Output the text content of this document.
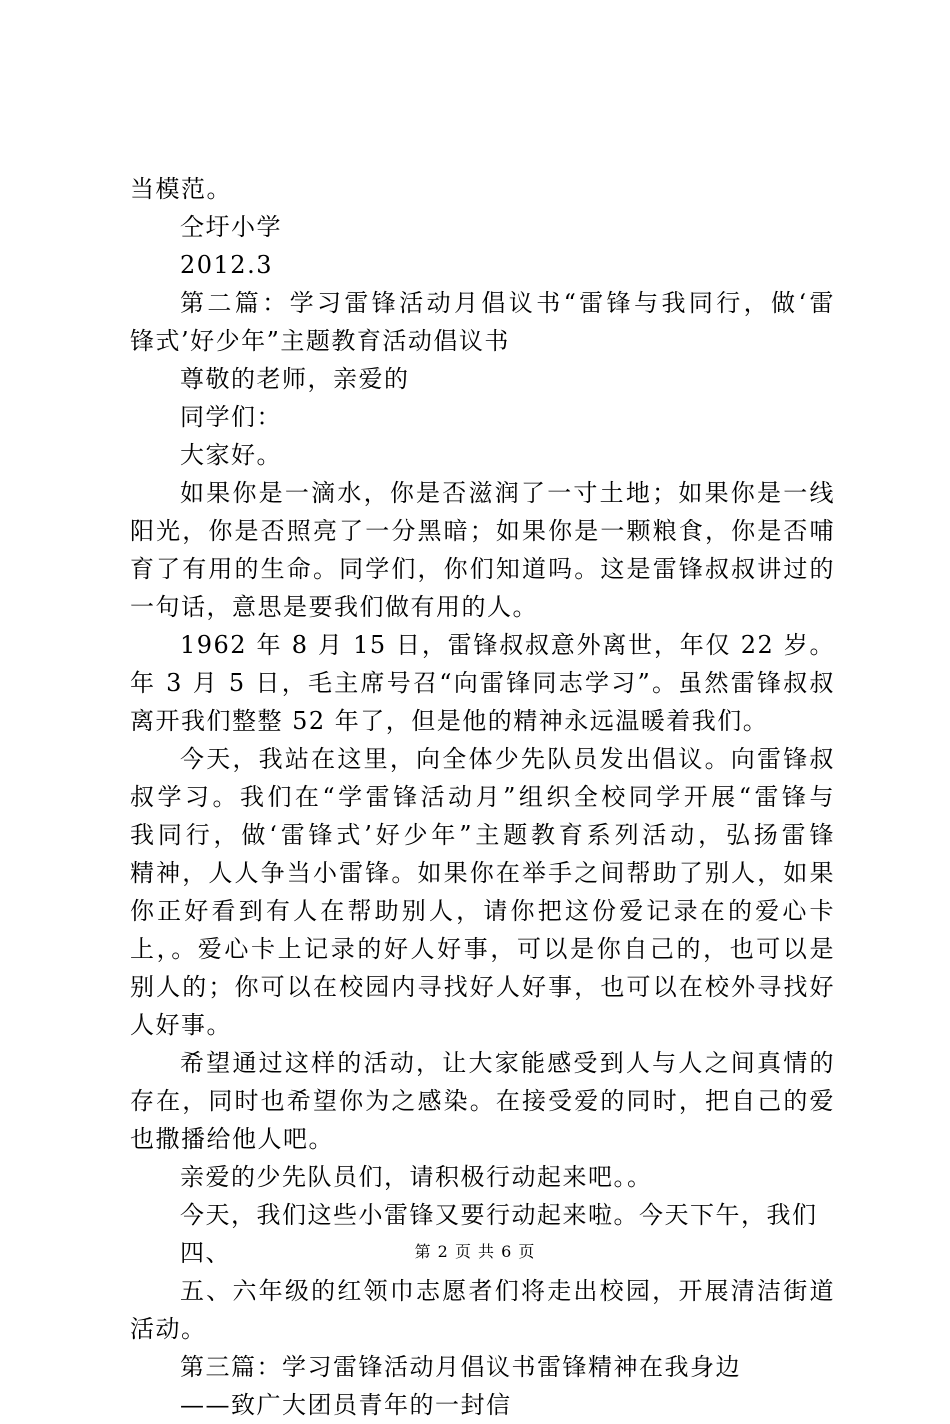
当模范。
仝圩小学
2012.3
第二篇：学习雷锋活动月倡议书“雷锋与我同行，做‘雷
锋式’好少年”主题教育活动倡议书
尊敬的老师，亲爱的
同学们：
大家好。
如果你是一滴水，你是否滋润了一寸土地；如果你是一线
阳光，你是否照亮了一分黑暗；如果你是一颗粮食，你是否哺
育了有用的生命。同学们，你们知道吗。这是雷锋叔叔讲过的
一句话，意思是要我们做有用的人。
1962 年 8 月 15 日，雷锋叔叔意外离世，年仅 22 岁。
年 3 月 5 日，毛主席号召“向雷锋同志学习”。虽然雷锋叔叔
离开我们整整 52 年了，但是他的精神永远温暖着我们。
今天，我站在这里，向全体少先队员发出倡议。向雷锋叔
叔学习。我们在“学雷锋活动月”组织全校同学开展“雷锋与
我同行，做‘雷锋式’好少年”主题教育系列活动，弘扬雷锋
精神，人人争当小雷锋。如果你在举手之间帮助了别人，如果
你正好看到有人在帮助别人，请你把这份爱记录在的爱心卡
上，。爱心卡上记录的好人好事，可以是你自己的，也可以是
别人的；你可以在校园内寻找好人好事，也可以在校外寻找好
人好事。
希望通过这样的活动，让大家能感受到人与人之间真情的
存在，同时也希望你为之感染。在接受爱的同时，把自己的爱
也撒播给他人吧。
亲爱的少先队员们，请积极行动起来吧。。
今天，我们这些小雷锋又要行动起来啦。今天下午，我们
四、
五、六年级的红领巾志愿者们将走出校园，开展清洁街道
活动。
第三篇：学习雷锋活动月倡议书雷锋精神在我身边
——致广大团员青年的一封信
第 2 页 共 6 页
